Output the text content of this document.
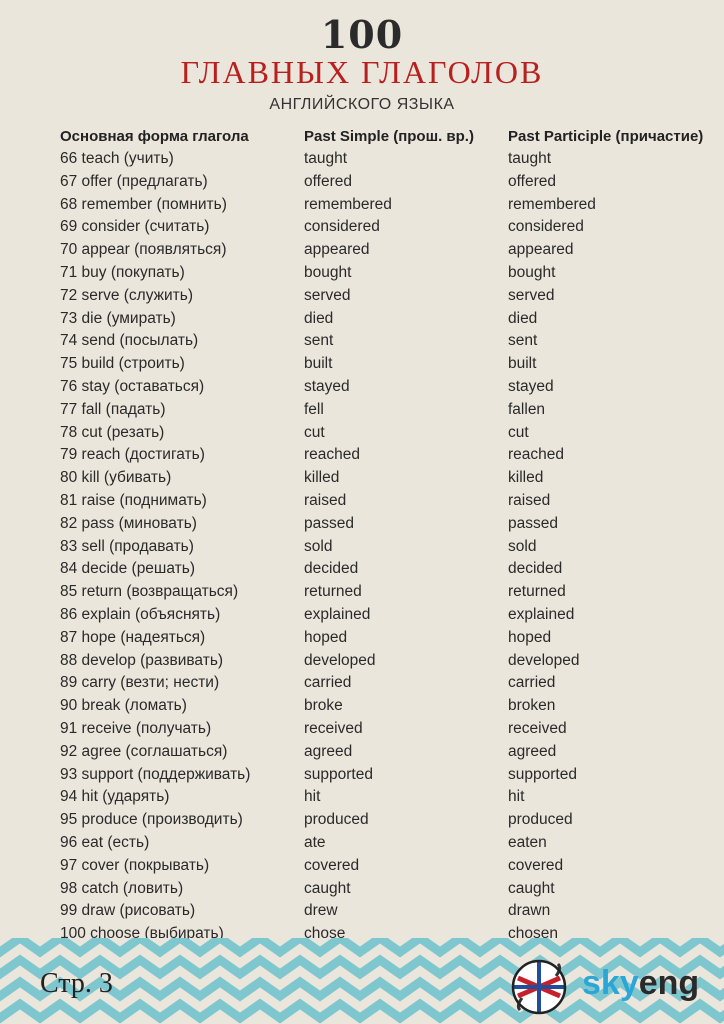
100
ГЛАВНЫХ ГЛАГОЛОВ
АНГЛИЙСКОГО ЯЗЫКА
Основная форма глагола	Past Simple (прош. вр.) Past Participle (причастие)
66 teach (учить)	taught	taught
67 offer (предлагать)	offered	offered
68 remember (помнить)	remembered	remembered
69 consider (считать)	considered	considered
70 appear (появляться)	appeared	appeared
71 buy (покупать)	bought	bought
72 serve (служить)	served	served
73 die (умирать)	died	died
74 send (посылать)	sent	sent
75 build (строить)	built	built
76 stay (оставаться)	stayed	stayed
77 fall (падать)	fell	fallen
78 cut (резать)	cut	cut
79 reach (достигать)	reached	reached
80 kill (убивать)	killed	killed
81 raise (поднимать)	raised	raised
82 pass (миновать)	passed	passed
83 sell (продавать)	sold	sold
84 decide (решать)	decided	decided
85 return (возвращаться)	returned	returned
86 explain (объяснять)	explained	explained
87 hope (надеяться)	hoped	hoped
88 develop (развивать)	developed	developed
89 carry (везти; нести)	carried	carried
90 break (ломать)	broke	broken
91 receive (получать)	received	received
92 agree (соглашаться)	agreed	agreed
93 support (поддерживать)	supported	supported
94 hit (ударять)	hit	hit
95 produce (производить)	produced	produced
96 eat (есть)	ate	eaten
97 cover (покрывать)	covered	covered
98 catch (ловить)	caught	caught
99 draw (рисовать)	drew	drawn
100 choose (выбирать)	chose	chosen
Стр. 3	skyeng
